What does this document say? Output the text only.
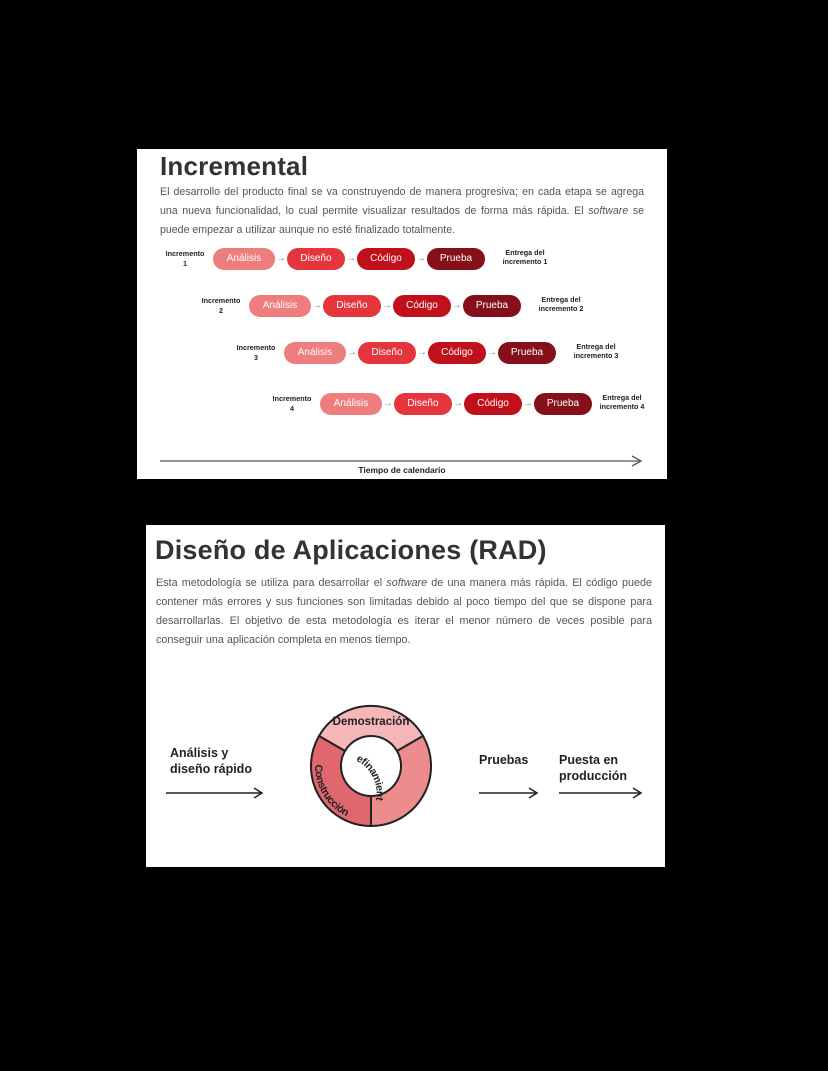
Incremental

El desarrollo del producto final se va construyendo de manera progresiva; en cada etapa se agrega una nueva funcionalidad, lo cual permite visualizar resultados de forma más rápida. El software se puede empezar a utilizar aunque no esté finalizado totalmente.

Incremento
1	Análisis	→	Diseño	→	Código	→	Prueba
Entrega del
incremento 1
Incremento
2	Análisis	→	Diseño	→	Código	→	Prueba
Entrega del
incremento 2
Incremento
3	Análisis	→	Diseño	→	Código	→	Prueba
Entrega del
incremento 3
Incremento
4	Análisis	→	Diseño	→	Código	→	Prueba
Entrega del
incremento 4
Tiempo de calendario
Diseño de Aplicaciones (RAD)

Esta metodología se utiliza para desarrollar el software de una manera más rápida. El código puede contener más errores y sus funciones son limitadas debido al poco tiempo del que se dispone para desarrollarlas. El objetivo de esta metodología es iterar el menor número de veces posible para conseguir una aplicación completa en menos tiempo.

Análisis y
diseño rápido
Demostración
Refinamiento
Construcción
Pruebas Puesta en
producción
